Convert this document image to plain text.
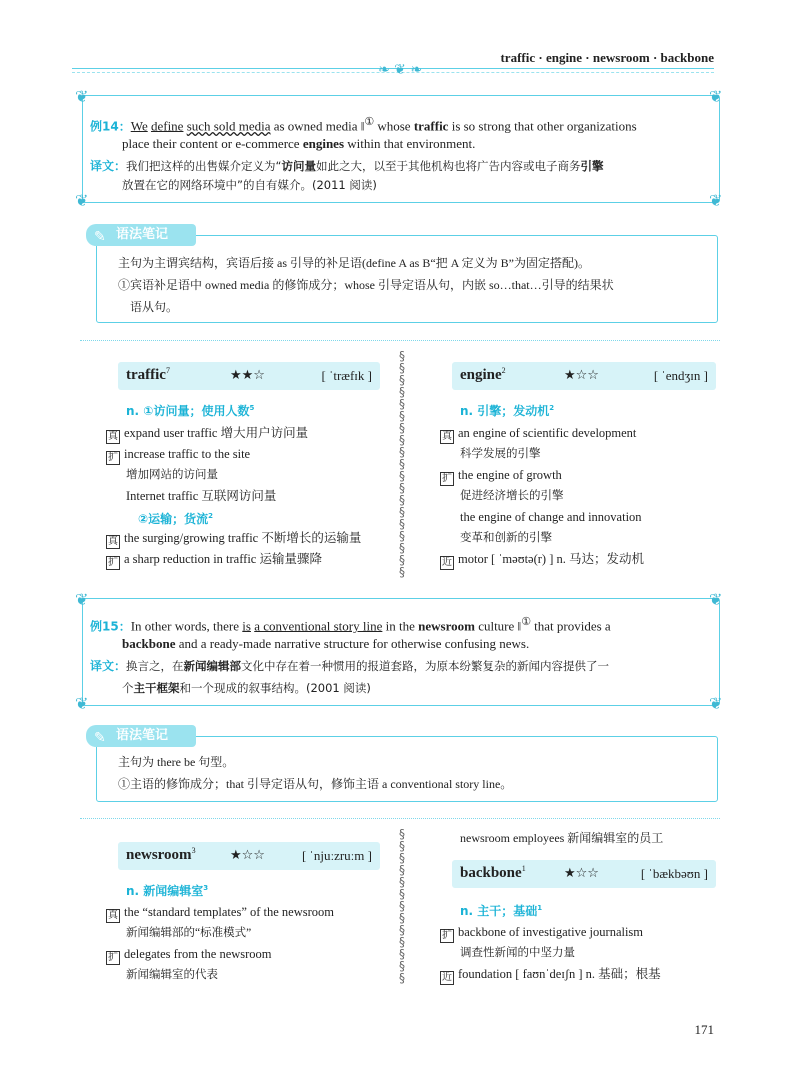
traffic · engine · newsroom · backbone
❧ ❦ ❧
❦	❦
❦	❦
例14：We define such sold media as owned media ‖① whose traffic is so strong that other organizations
place their content or e-commerce engines within that environment.
译文：我们把这样的出售媒介定义为“访问量如此之大，以至于其他机构也将广告内容或电子商务引擎
放置在它的网络环境中”的自有媒介。(2011 阅读)
✎ 语法笔记
主句为主谓宾结构，宾语后接 as 引导的补足语(define A as B“把 A 定义为 B”为固定搭配)。
①宾语补足语中 owned media 的修饰成分；whose 引导定语从句，内嵌 so…that…引导的结果状
语从句。
traffic$^7$	★★☆	[ ˈtræfɪk ]
n. ①访问量；使用人数$^5$
真 expand user traffic 增大用户访问量
扩 increase traffic to the site
增加网站的访问量
Internet traffic 互联网访问量
②运输；货流$^2$
真 the surging/growing traffic 不断增长的运输量
扩 a sharp reduction in traffic 运输量骤降
§
§
§
§
§
§
§
§
§
§
§
§
§
§
§
§
§
§
§
engine$^2$	★☆☆	[ ˈendʒɪn ]
n. 引擎；发动机$^2$
真 an engine of scientific development
科学发展的引擎
扩 the engine of growth
促进经济增长的引擎
the engine of change and innovation
变革和创新的引擎
近 motor [ ˈməʊtə(r) ] n. 马达；发动机
❦	❦
❦	❦
例15：In other words, there is a conventional story line in the newsroom culture ‖① that provides a
backbone and a ready-made narrative structure for otherwise confusing news.
译文：换言之，在新闻编辑部文化中存在着一种惯用的报道套路，为原本纷繁复杂的新闻内容提供了一
个主干框架和一个现成的叙事结构。(2001 阅读)
✎ 语法笔记
主句为 there be 句型。
①主语的修饰成分；that 引导定语从句，修饰主语 a conventional story line。
newsroom$^3$	★☆☆	[ ˈnjuːzruːm ]
n. 新闻编辑室$^3$
真 the “standard templates” of the newsroom
新闻编辑部的“标准模式”
扩 delegates from the newsroom
新闻编辑室的代表
§
§
§
§
§
§
§
§
§
§
§
§
§
newsroom employees 新闻编辑室的员工
backbone$^1$	★☆☆	[ ˈbækbəʊn ]
n. 主干；基础$^1$
扩 backbone of investigative journalism
调查性新闻的中坚力量
近 foundation [ faʊnˈdeɪʃn ] n. 基础；根基
171
